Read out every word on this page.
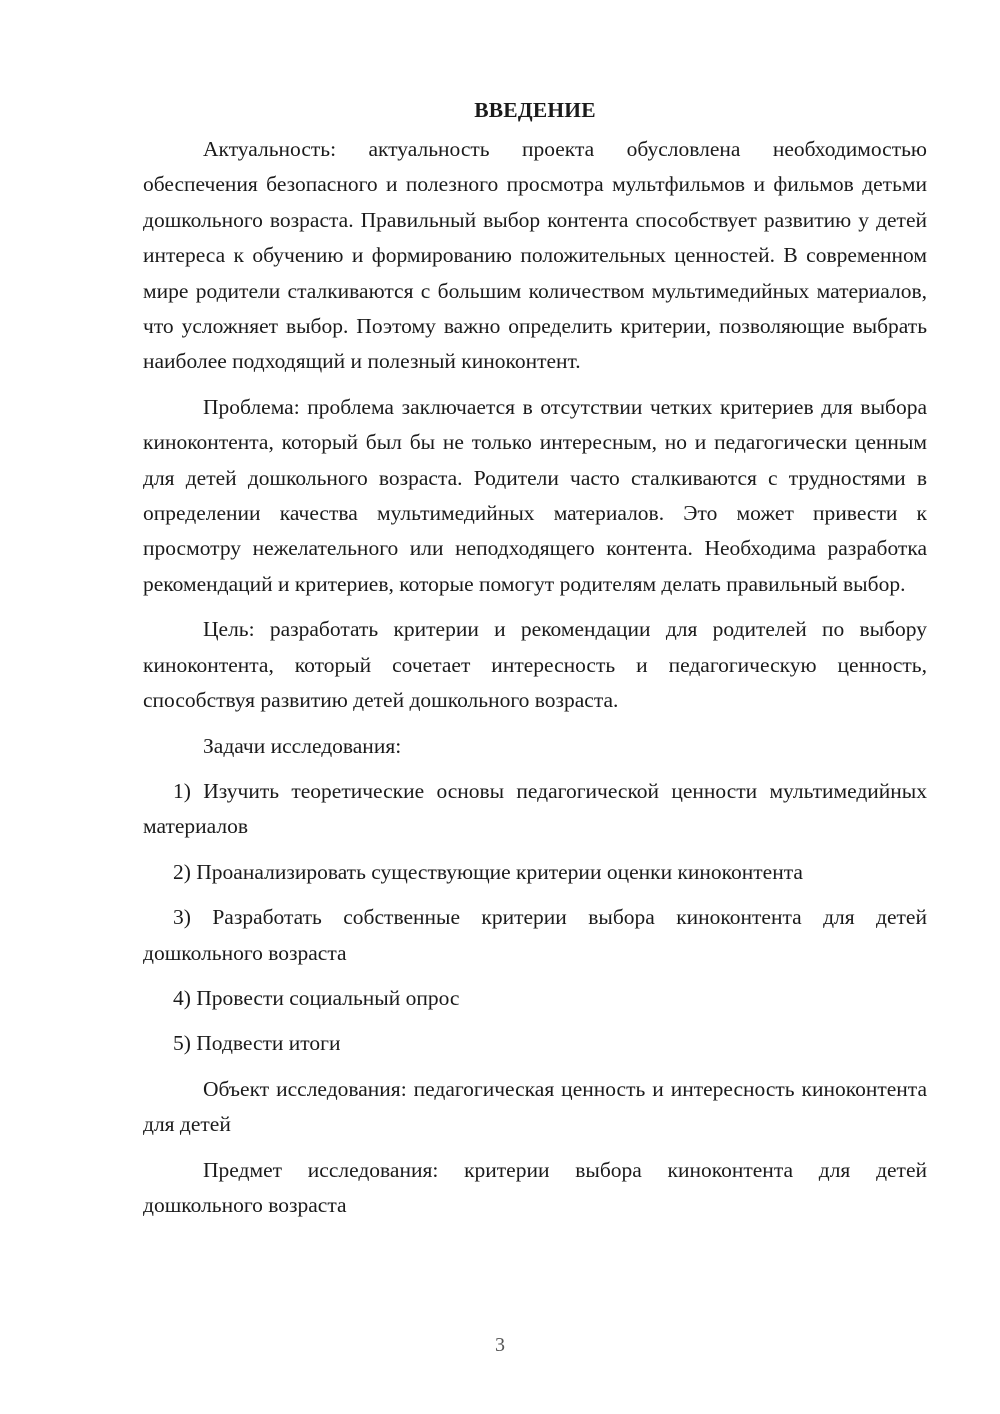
ВВЕДЕНИЕ

Актуальность: актуальность проекта обусловлена необходимостью обеспечения безопасного и полезного просмотра мультфильмов и фильмов детьми дошкольного возраста. Правильный выбор контента способствует развитию у детей интереса к обучению и формированию положительных ценностей. В современном мире родители сталкиваются с большим количеством мультимедийных материалов, что усложняет выбор. Поэтому важно определить критерии, позволяющие выбрать наиболее подходящий и полезный киноконтент.

Проблема: проблема заключается в отсутствии четких критериев для выбора киноконтента, который был бы не только интересным, но и педагогически ценным для детей дошкольного возраста. Родители часто сталкиваются с трудностями в определении качества мультимедийных материалов. Это может привести к просмотру нежелательного или неподходящего контента. Необходима разработка рекомендаций и критериев, которые помогут родителям делать правильный выбор.

Цель: разработать критерии и рекомендации для родителей по выбору киноконтента, который сочетает интересность и педагогическую ценность, способствуя развитию детей дошкольного возраста.

Задачи исследования:

1) Изучить теоретические основы педагогической ценности мультимедийных материалов

2) Проанализировать существующие критерии оценки киноконтента

3) Разработать собственные критерии выбора киноконтента для детей дошкольного возраста

4) Провести социальный опрос

5) Подвести итоги

Объект исследования: педагогическая ценность и интересность киноконтента для детей

Предмет исследования: критерии выбора киноконтента для детей дошкольного возраста

3
